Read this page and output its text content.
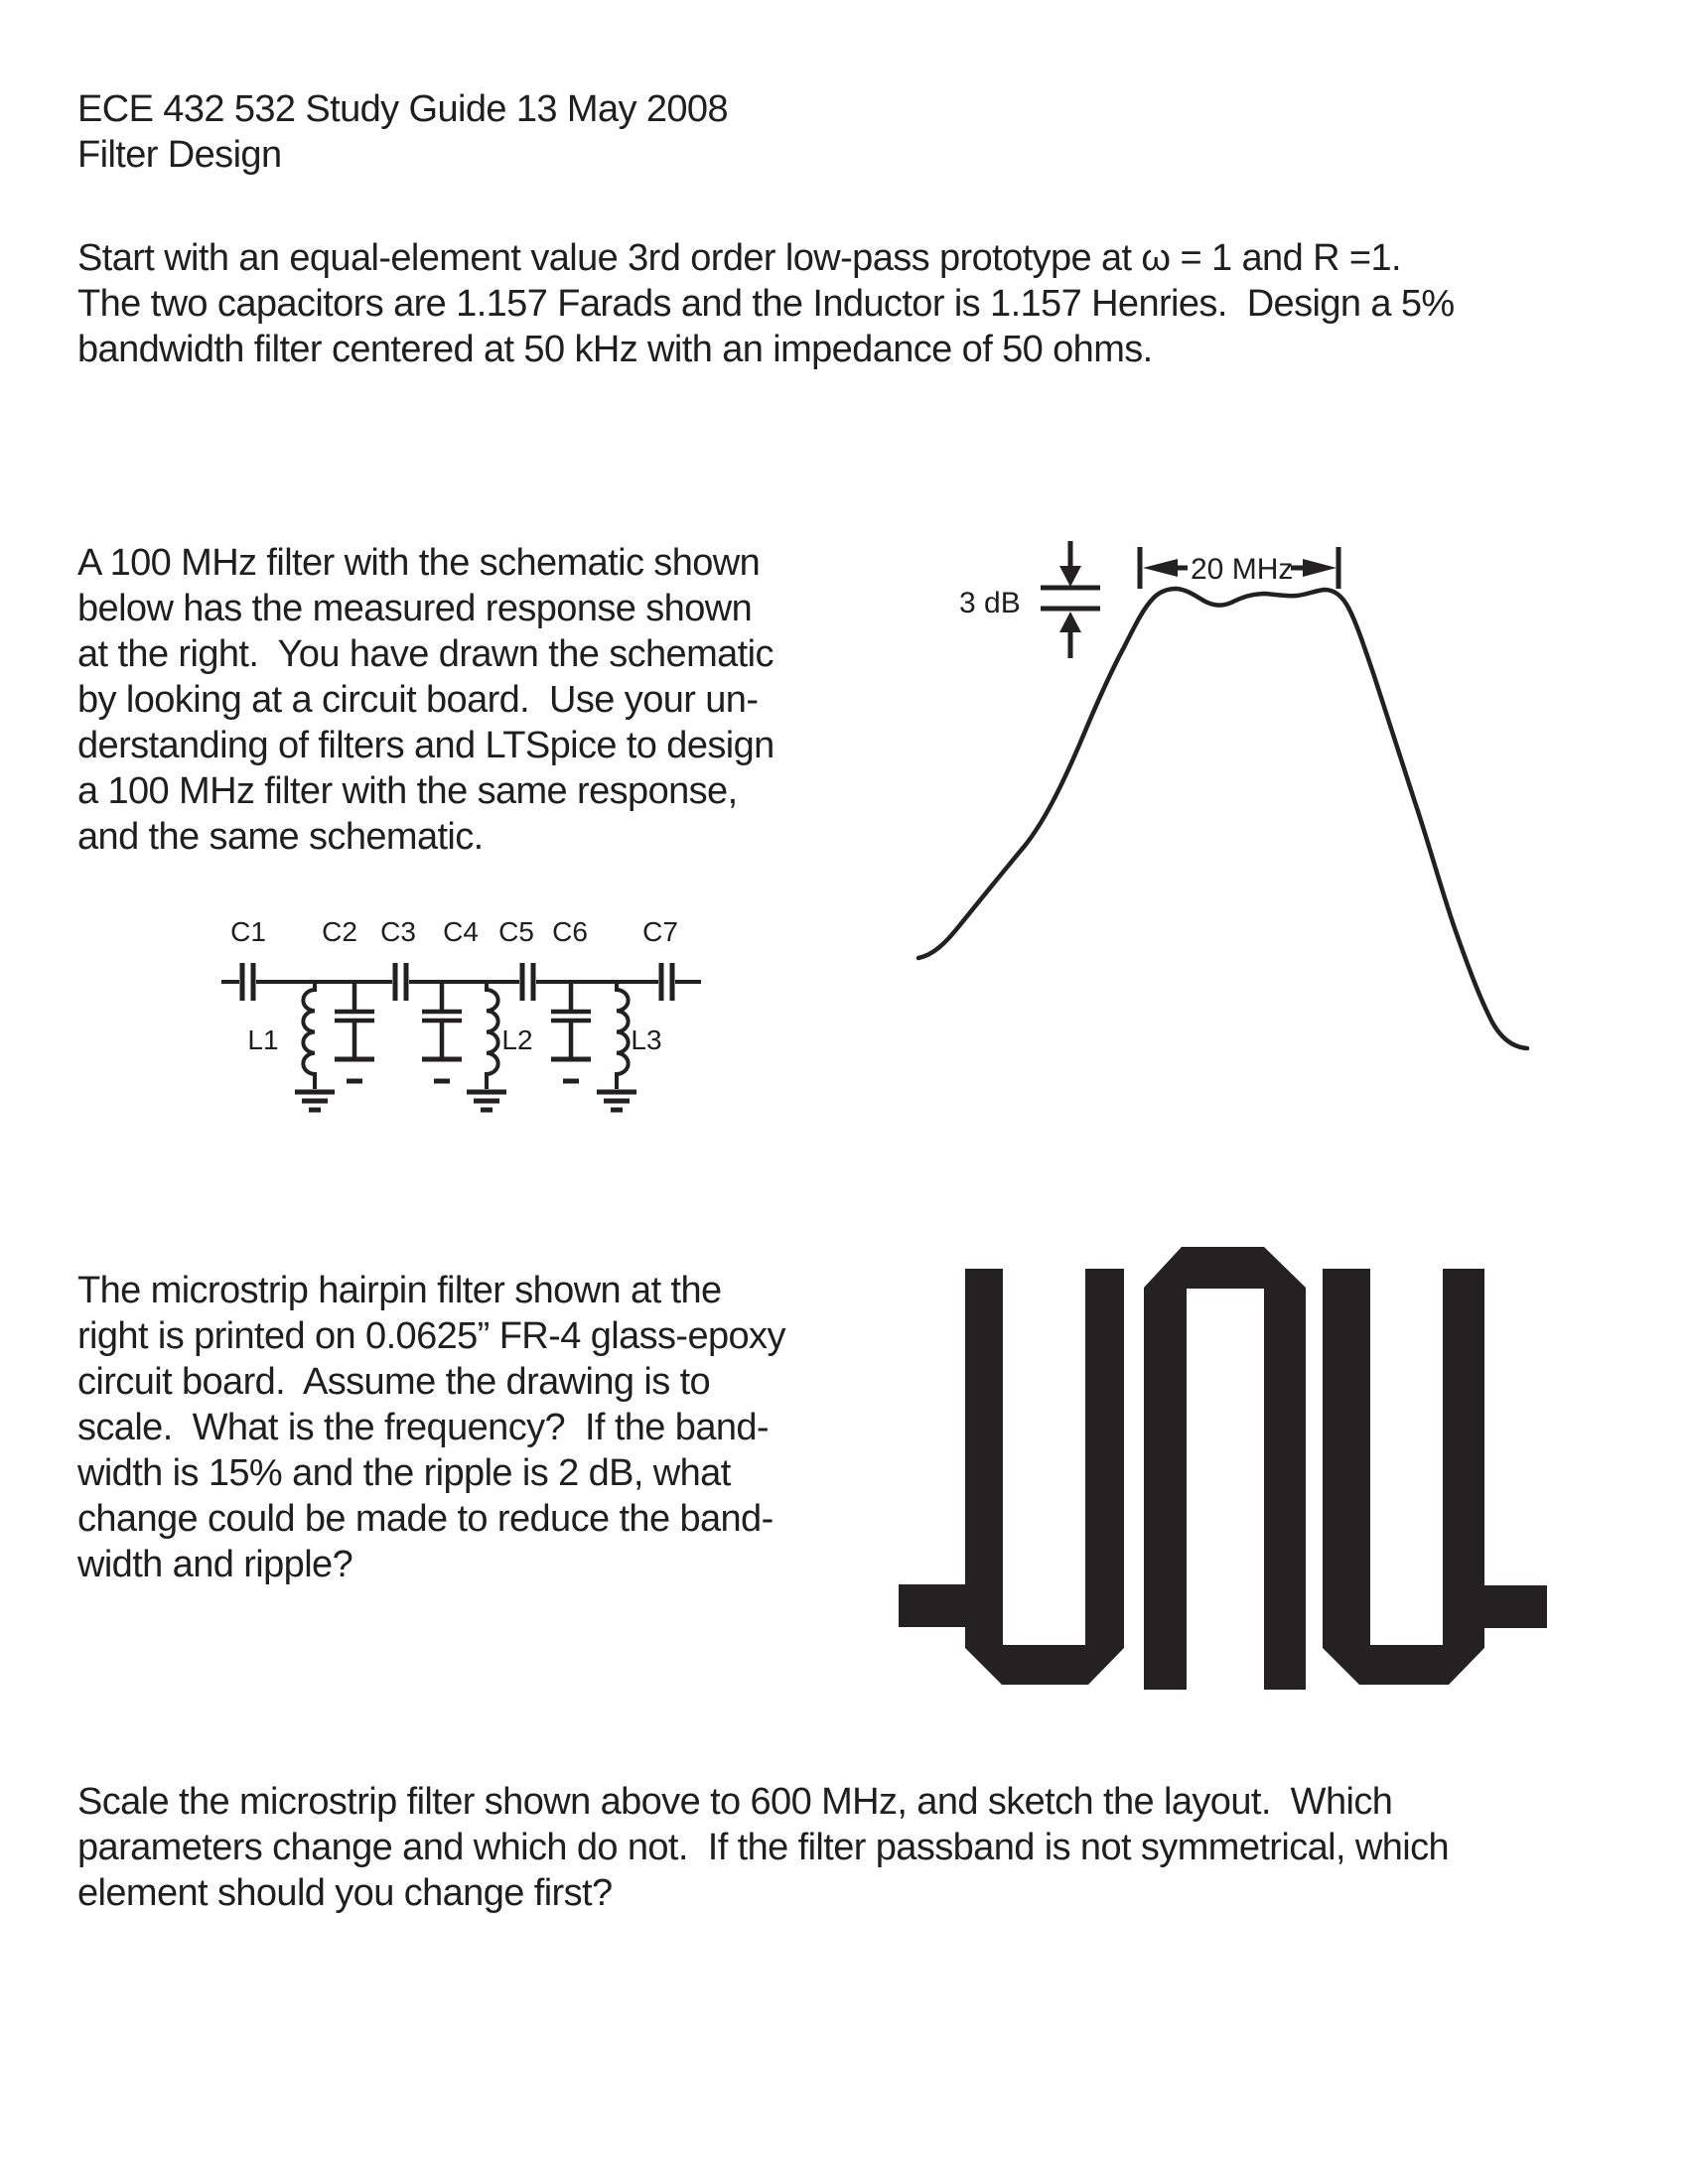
ECE 432 532 Study Guide 13 May 2008
Filter Design
Start with an equal-element value 3rd order low-pass prototype at ω = 1 and R =1.
The two capacitors are 1.157 Farads and the Inductor is 1.157 Henries.  Design a 5%
bandwidth filter centered at 50 kHz with an impedance of 50 ohms.
A 100 MHz filter with the schematic shown
below has the measured response shown
at the right.  You have drawn the schematic
by looking at a circuit board.  Use your un-
derstanding of filters and LTSpice to design
a 100 MHz filter with the same response,
and the same schematic.
3 dB
20 MHz
C1 C2 C3 C4 C5 C6 C7
L1	L2	L3
The microstrip hairpin filter shown at the
right is printed on 0.0625” FR-4 glass-epoxy
circuit board.  Assume the drawing is to
scale.  What is the frequency?  If the band-
width is 15% and the ripple is 2 dB, what
change could be made to reduce the band-
width and ripple?
Scale the microstrip filter shown above to 600 MHz, and sketch the layout.  Which
parameters change and which do not.  If the filter passband is not symmetrical, which
element should you change first?
